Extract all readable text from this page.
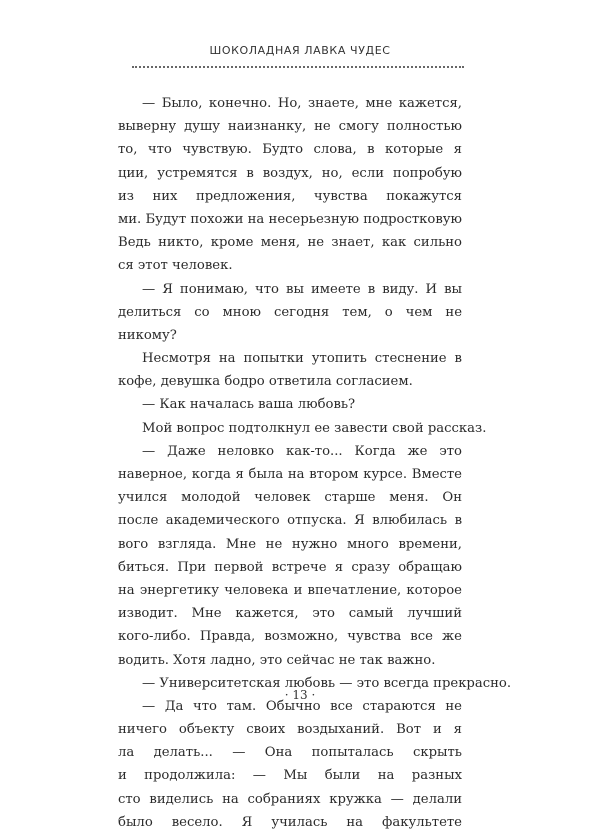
ШОКОЛАДНАЯ ЛАВКА ЧУДЕС
— Было, конечно. Но, знаете, мне кажется,
выверну душу наизнанку, не смогу полностью
то, что чувствую. Будто слова, в которые я
ции, устремятся в воздух, но, если попробую
из них предложения, чувства покажутся
ми. Будут похожи на несерьезную подростковую
Ведь никто, кроме меня, не знает, как сильно
ся этот человек.
— Я понимаю, что вы имеете в виду. И вы
делиться со мною сегодня тем, о чем не
никому?
Несмотря на попытки утопить стеснение в
кофе, девушка бодро ответила согласием.
— Как началась ваша любовь?
Мой вопрос подтолкнул ее завести свой рассказ.
— Даже неловко как-то... Когда же это
наверное, когда я была на втором курсе. Вместе
учился молодой человек старше меня. Он
после академического отпуска. Я влюбилась в
вого взгляда. Мне не нужно много времени,
биться. При первой встрече я сразу обращаю
на энергетику человека и впечатление, которое
изводит. Мне кажется, это самый лучший
кого-либо. Правда, возможно, чувства все же
водить. Хотя ладно, это сейчас не так важно.
— Университетская любовь — это всегда прекрасно.
— Да что там. Обычно все стараются не
ничего объекту своих воздыханий. Вот и я
ла делать... — Она попыталась скрыть
и продолжила: — Мы были на разных
сто виделись на собраниях кружка — делали
было весело. Я училась на факультете
· 13 ·
